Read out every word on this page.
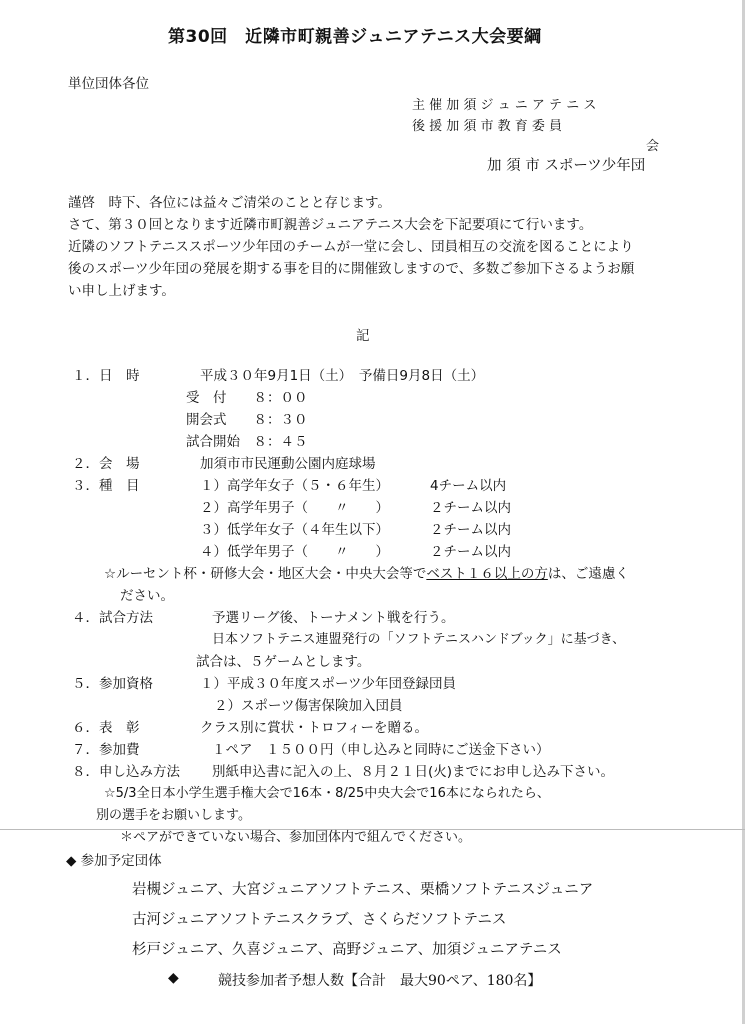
第30回　近隣市町親善ジュニアテニス大会要綱
単位団体各位
主 催 加 須 ジ ュ ニ ア テ ニ ス
後 援 加 須 市 教 育 委 員
会
加 須 市 スポーツ少年団
謹啓　時下、各位には益々ご清栄のことと存じます。
さて、第３０回となります近隣市町親善ジュニアテニス大会を下記要項にて行います。
近隣のソフトテニススポーツ少年団のチームが一堂に会し、団員相互の交流を図ることにより
後のスポーツ少年団の発展を期する事を目的に開催致しますので、多数ご参加下さるようお願
い申し上げます。
記
１．日　時	平成３０年9月1日（土）　予備日9月8日（土）
受　付　　８：００
開会式　　８：３０
試合開始　８：４５
２．会　場	加須市市民運動公園内庭球場
３．種　目	１）高学年女子（５・６年生）	4チーム以内
２）高学年男子（　　〃　　）	２チーム以内
３）低学年女子（４年生以下）	２チーム以内
４）低学年男子（　　〃　　）	２チーム以内
☆ルーセント杯・研修大会・地区大会・中央大会等でベスト１６以上の方は、ご遠慮く
ださい。
４．試合方法	予選リーグ後、トーナメント戦を行う。
日本ソフトテニス連盟発行の「ソフトテニスハンドブック」に基づき、
試合は、５ゲームとします。
５．参加資格	１）平成３０年度スポーツ少年団登録団員
２）スポーツ傷害保険加入団員
６．表　彰	クラス別に賞状・トロフィーを贈る。
７．参加費	１ペア　１５００円（申し込みと同時にご送金下さい）
８．申し込み方法 別紙申込書に記入の上、８月２１日(火)までにお申し込み下さい。
☆5/3全日本小学生選手権大会で16本・8/25中央大会で16本になられたら、
別の選手をお願いします。
＊ペアができていない場合、参加団体内で組んでください。
◆ 参加予定団体
岩槻ジュニア、大宮ジュニアソフトテニス、栗橋ソフトテニスジュニア
古河ジュニアソフトテニスクラブ、さくらだソフトテニス
杉戸ジュニア、久喜ジュニア、高野ジュニア、加須ジュニアテニス
◆	競技参加者予想人数【合計　最大90ペア、180名】
